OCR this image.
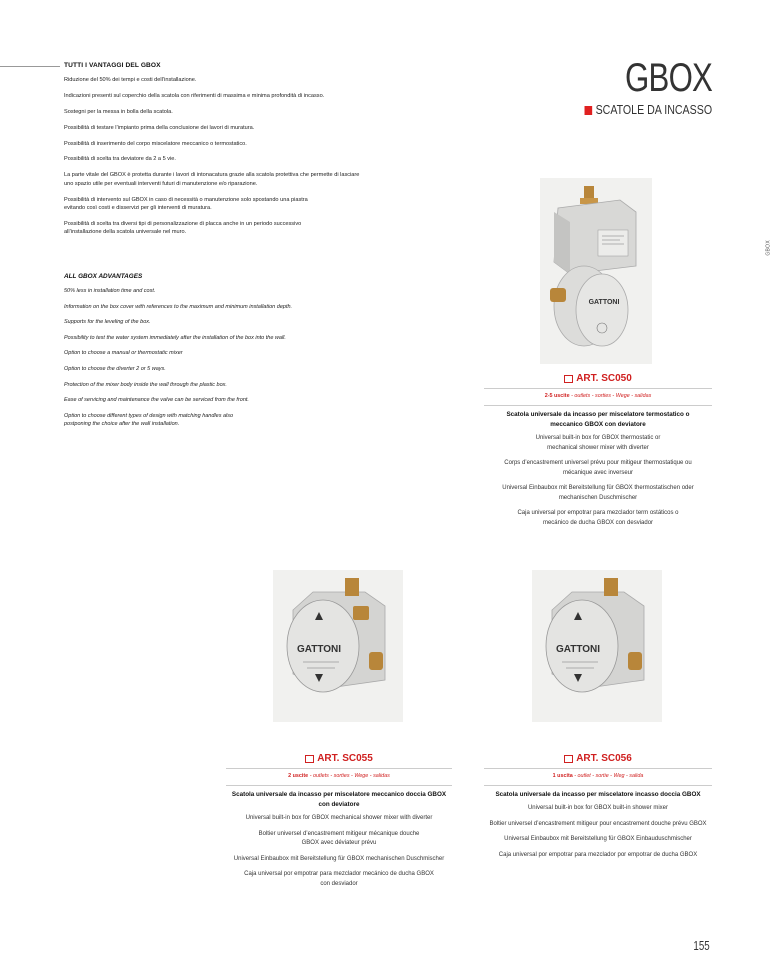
TUTTI I VANTAGGI DEL GBOX

Riduzione del 50% dei tempi e costi dell’installazione.

Indicazioni presenti sul coperchio della scatola con riferimenti di massima e minima profondità di incasso.

Sostegni per la messa in bolla della scatola.

Possibilità di testare l’impianto prima della conclusione dei lavori di muratura.

Possibilità di inserimento del corpo miscelatore meccanico o termostatico.

Possibilità di scelta tra deviatore da 2 a 5 vie.

La parte vitale del GBOX è protetta durante i lavori di intonacatura grazie alla scatola protettiva che permette di lasciare uno spazio utile per eventuali interventi futuri di manutenzione e/o riparazione.

Possibilità di intervento sul GBOX in caso di necessità o manutenzione solo spostando una piastra evitando così costi e disservizi per gli interventi di muratura.

Possibilità di scelta tra diversi tipi di personalizzazione di placca anche in un periodo successivo all’installazione della scatola universale nel muro.

ALL GBOX ADVANTAGES

50% less in installation time and cost.

Information on the box cover with references to the maximum and minimum installation depth.

Supports for the leveling of the box.

Possibility to test the water system immediately after the installation of the box into the wall.

Option to choose a manual or thermostatic mixer

Option to choose the diverter 2 or 5 ways.

Protection of the mixer body inside the wall through the plastic box.

Ease of servicing and maintenance the valve can be serviced from the front.

Option to choose different types of design with matching handles also postponing the choice after the wall installation.

GBOX
SCATOLE DA INCASSO
GBOX
GATTONI
ART. SC050
2-5 uscite - outlets - sorties - Wege - salidas
Scatola universale da incasso per miscelatore termostatico o meccanico GBOX con deviatore
Universal built-in box for GBOX thermostatic or mechanical shower mixer with diverter
Corps d’encastrement universel prévu pour mitigeur thermostatique ou mécanique avec inverseur
Universal Einbaubox mit Bereitstellung für GBOX thermostatischen oder mechanischen Duschmischer
Caja universal por empotrar para mezclador term ostáticos o mecánico de ducha GBOX con desviador
GATTONI
ART. SC055
2 uscite - outlets - sorties - Wege - salidas
Scatola universale da incasso per miscelatore meccanico doccia GBOX con deviatore
Universal built-in box for GBOX mechanical shower mixer with diverter
Boltier universel d’encastrement mitigeur mécanique douche GBOX avec déviateur prévu
Universal Einbaubox mit Bereitstellung für GBOX mechanischen Duschmischer
Caja universal por empotrar para mezclador mecánico de ducha GBOX con desviador
GATTONI
ART. SC056
1 uscita - outlet - sortie - Weg - salida
Scatola universale da incasso per miscelatore incasso doccia GBOX
Universal built-in box for GBOX built-in shower mixer
Boltier universel d’encastrement mitigeur pour encastrement douche prévu GBOX
Universal Einbaubox mit Bereitstellung für GBOX Einbauduschmischer
Caja universal por empotrar para mezclador por empotrar de ducha GBOX
155
